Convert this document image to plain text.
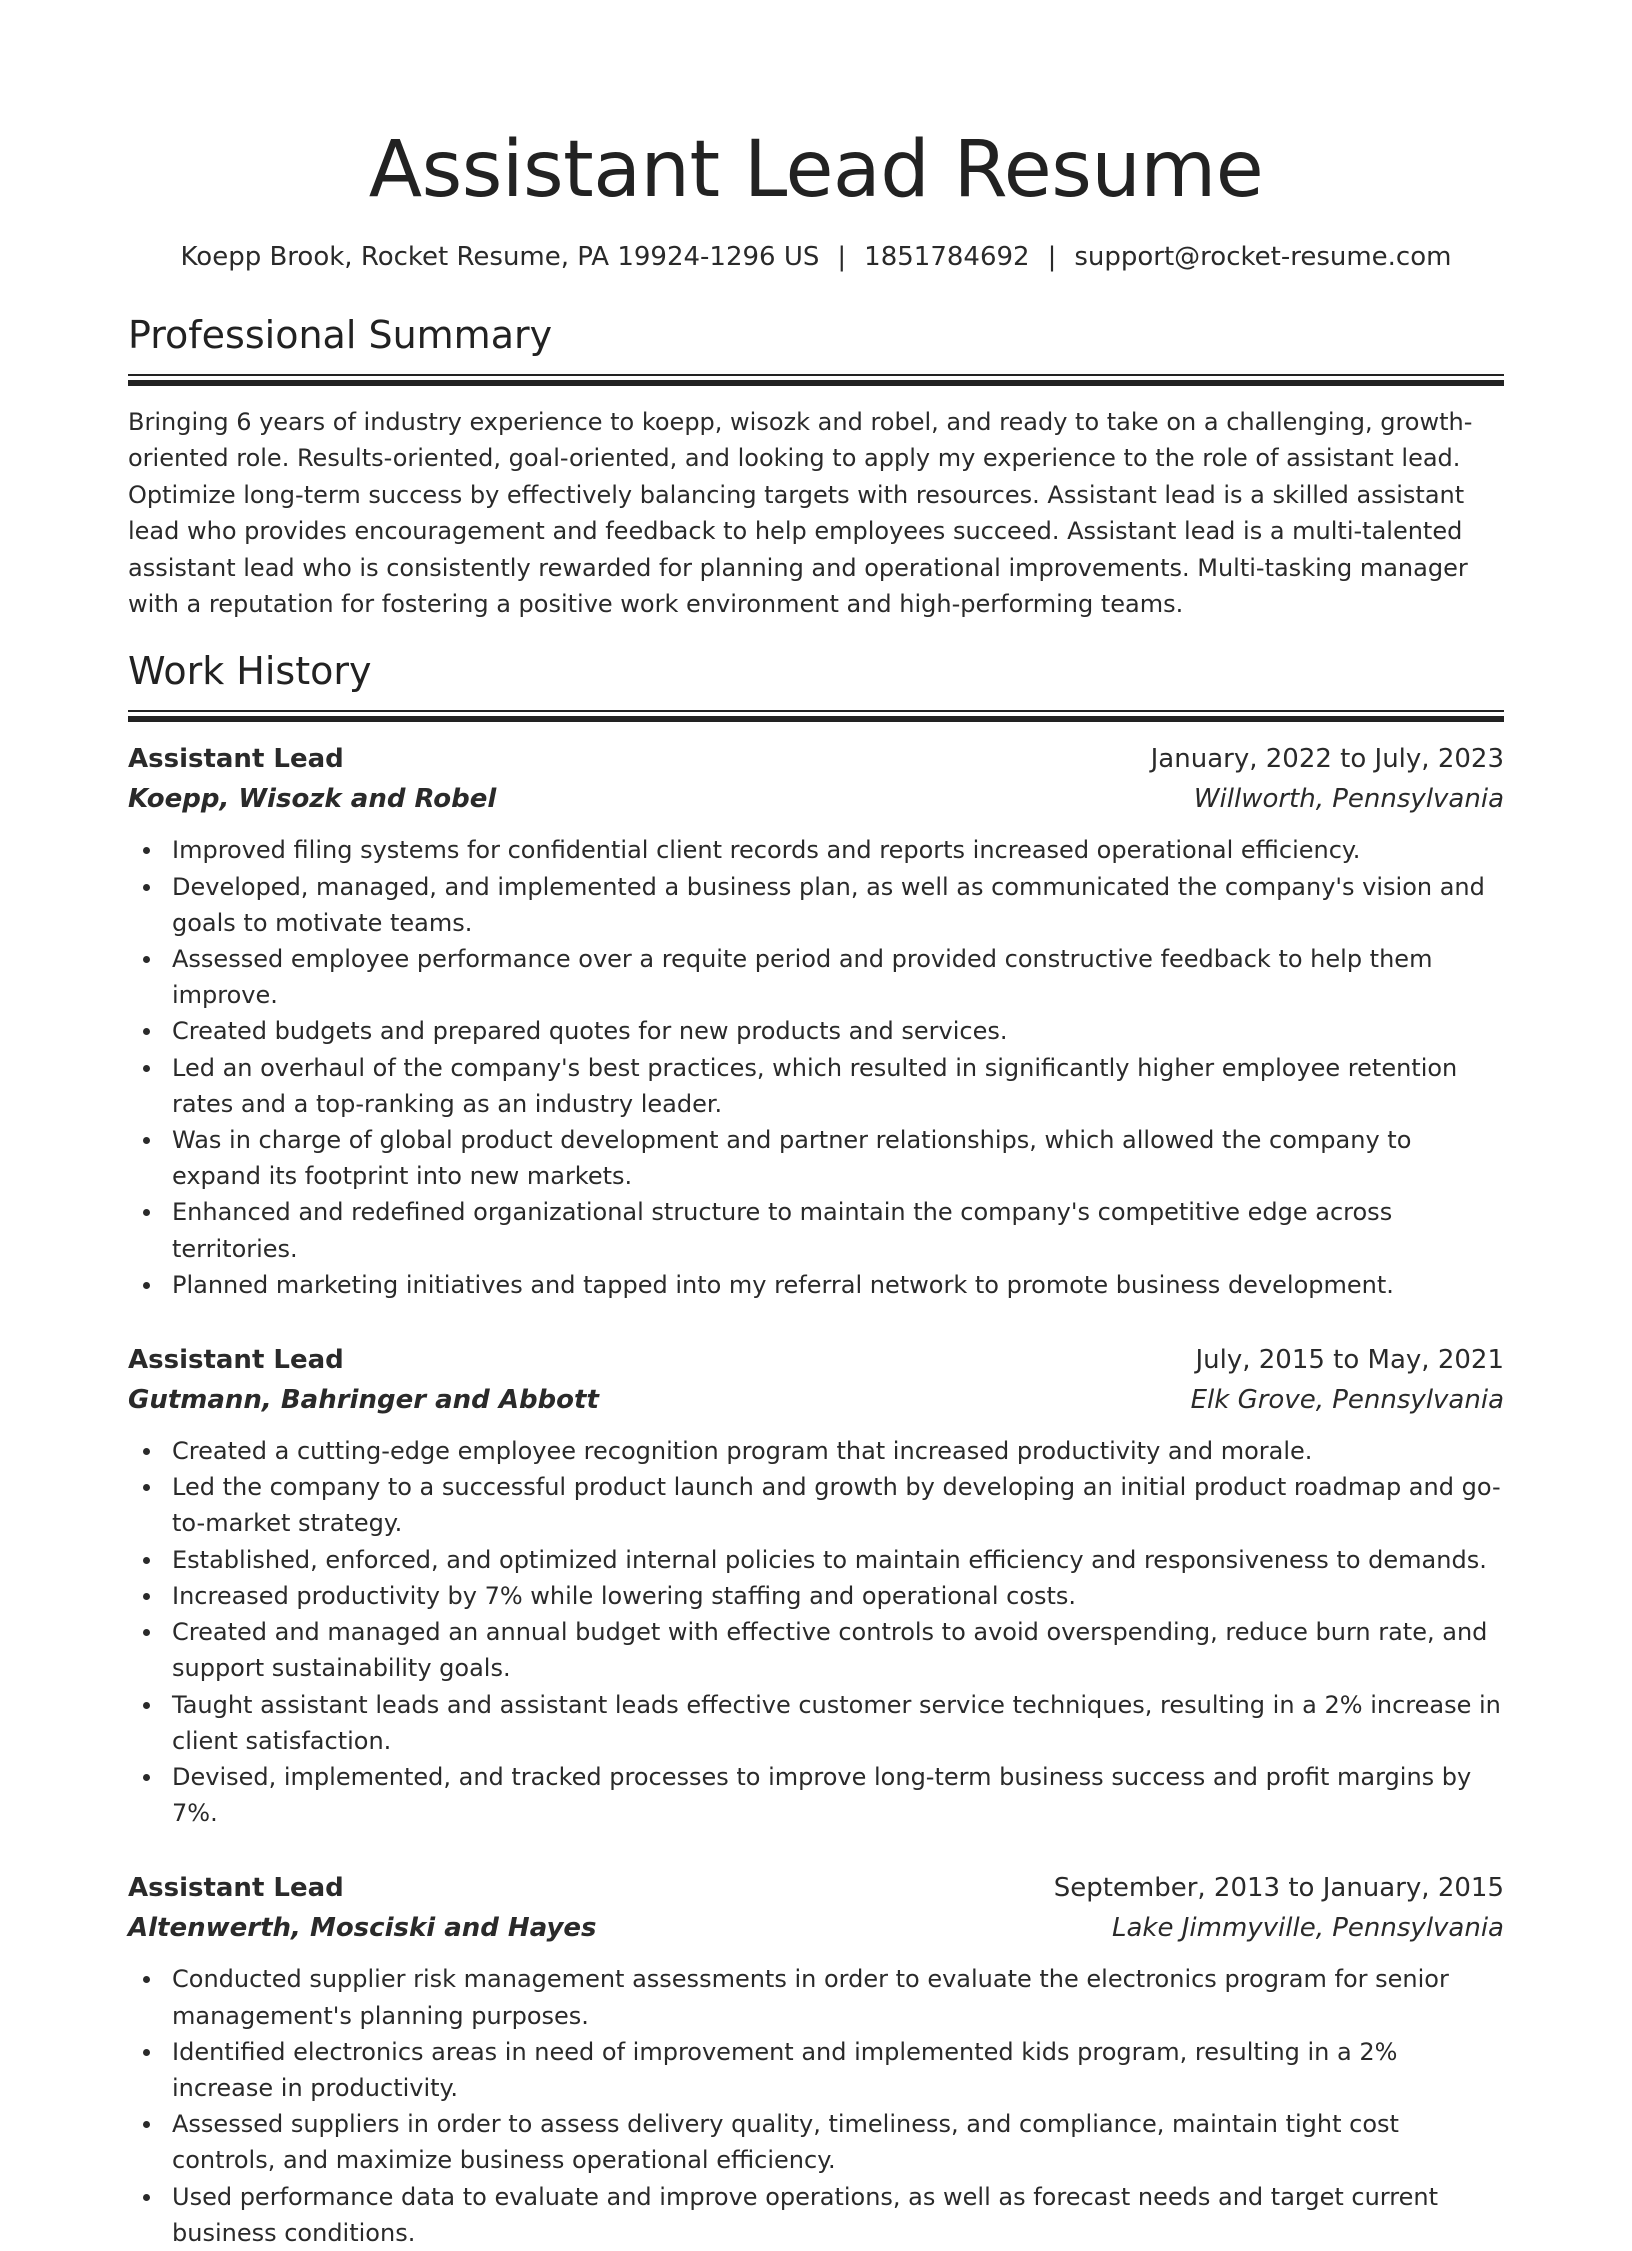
Assistant Lead Resume
Koepp Brook, Rocket Resume, PA 19924-1296 US | 1851784692 | support@rocket-resume.com
Professional Summary

Bringing 6 years of industry experience to koepp, wisozk and robel, and ready to take on a challenging, growth-oriented role. Results-oriented, goal-oriented, and looking to apply my experience to the role of assistant lead. Optimize long-term success by effectively balancing targets with resources. Assistant lead is a skilled assistant lead who provides encouragement and feedback to help employees succeed. Assistant lead is a multi-talented assistant lead who is consistently rewarded for planning and operational improvements. Multi-tasking manager with a reputation for fostering a positive work environment and high-performing teams.

Work History
Assistant Lead	January, 2022 to July, 2023
Koepp, Wisozk and Robel	Willworth, Pennsylvania
Improved filing systems for confidential client records and reports increased operational efficiency.
Developed, managed, and implemented a business plan, as well as communicated the company's vision and goals to motivate teams.
Assessed employee performance over a requite period and provided constructive feedback to help them improve.
Created budgets and prepared quotes for new products and services.
Led an overhaul of the company's best practices, which resulted in significantly higher employee retention rates and a top-ranking as an industry leader.
Was in charge of global product development and partner relationships, which allowed the company to expand its footprint into new markets.
Enhanced and redefined organizational structure to maintain the company's competitive edge across territories.
Planned marketing initiatives and tapped into my referral network to promote business development.
Assistant Lead	July, 2015 to May, 2021
Gutmann, Bahringer and Abbott	Elk Grove, Pennsylvania
Created a cutting-edge employee recognition program that increased productivity and morale.
Led the company to a successful product launch and growth by developing an initial product roadmap and go-to-market strategy.
Established, enforced, and optimized internal policies to maintain efficiency and responsiveness to demands.
Increased productivity by 7% while lowering staffing and operational costs.
Created and managed an annual budget with effective controls to avoid overspending, reduce burn rate, and support sustainability goals.
Taught assistant leads and assistant leads effective customer service techniques, resulting in a 2% increase in client satisfaction.
Devised, implemented, and tracked processes to improve long-term business success and profit margins by 7%.
Assistant Lead	September, 2013 to January, 2015
Altenwerth, Mosciski and Hayes	Lake Jimmyville, Pennsylvania
Conducted supplier risk management assessments in order to evaluate the electronics program for senior management's planning purposes.
Identified electronics areas in need of improvement and implemented kids program, resulting in a 2% increase in productivity.
Assessed suppliers in order to assess delivery quality, timeliness, and compliance, maintain tight cost controls, and maximize business operational efficiency.
Used performance data to evaluate and improve operations, as well as forecast needs and target current business conditions.
